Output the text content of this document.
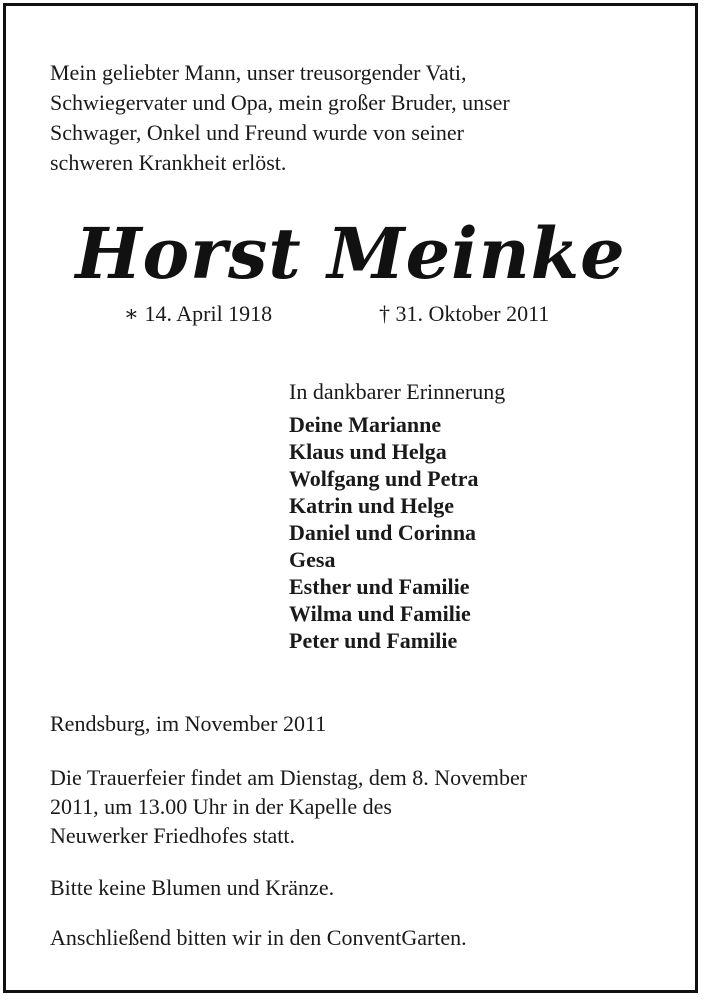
Mein geliebter Mann, unser treusorgender Vati,
Schwiegervater und Opa, mein großer Bruder, unser
Schwager, Onkel und Freund wurde von seiner
schweren Krankheit erlöst.

Horst Meinke
∗ 14. April 1918	† 31. Oktober 2011

In dankbarer Erinnerung

Deine Marianne
Klaus und Helga
Wolfgang und Petra
Katrin und Helge
Daniel und Corinna
Gesa
Esther und Familie
Wilma und Familie
Peter und Familie

Rendsburg, im November 2011

Die Trauerfeier findet am Dienstag, dem 8. November
2011, um 13.00 Uhr in der Kapelle des
Neuwerker Friedhofes statt.

Bitte keine Blumen und Kränze.

Anschließend bitten wir in den ConventGarten.
